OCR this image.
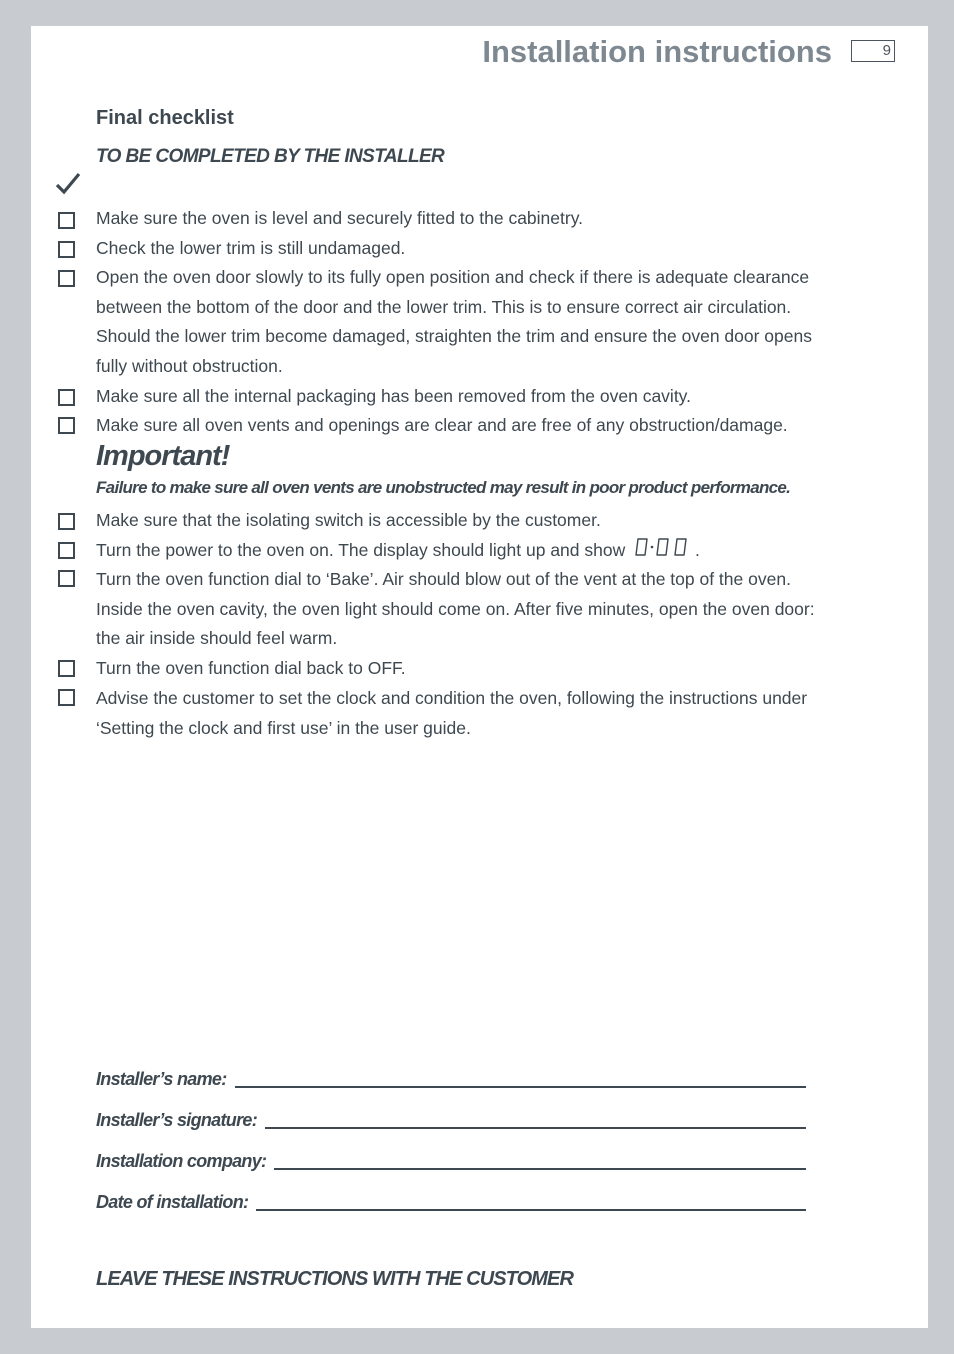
Installation instructions	9
Final checklist
TO BE COMPLETED BY THE INSTALLER
Make sure the oven is level and securely fitted to the cabinetry.
Check the lower trim is still undamaged.
Open the oven door slowly to its fully open position and check if there is adequate clearance
between the bottom of the door and the lower trim. This is to ensure correct air circulation.
Should the lower trim become damaged, straighten the trim and ensure the oven door opens
fully without obstruction.
Make sure all the internal packaging has been removed from the oven cavity.
Make sure all oven vents and openings are clear and are free of any obstruction/damage.
Important!
Failure to make sure all oven vents are unobstructed may result in poor product performance.
Make sure that the isolating switch is accessible by the customer.
Turn the power to the oven on. The display should light up and show
0:00
.
Turn the oven function dial to ‘Bake’. Air should blow out of the vent at the top of the oven.
Inside the oven cavity, the oven light should come on. After five minutes, open the oven door:
the air inside should feel warm.
Turn the oven function dial back to OFF.
Advise the customer to set the clock and condition the oven, following the instructions under
‘Setting the clock and first use’ in the user guide.
Installer’s name:
Installer’s signature:
Installation company:
Date of installation:
LEAVE THESE INSTRUCTIONS WITH THE CUSTOMER
